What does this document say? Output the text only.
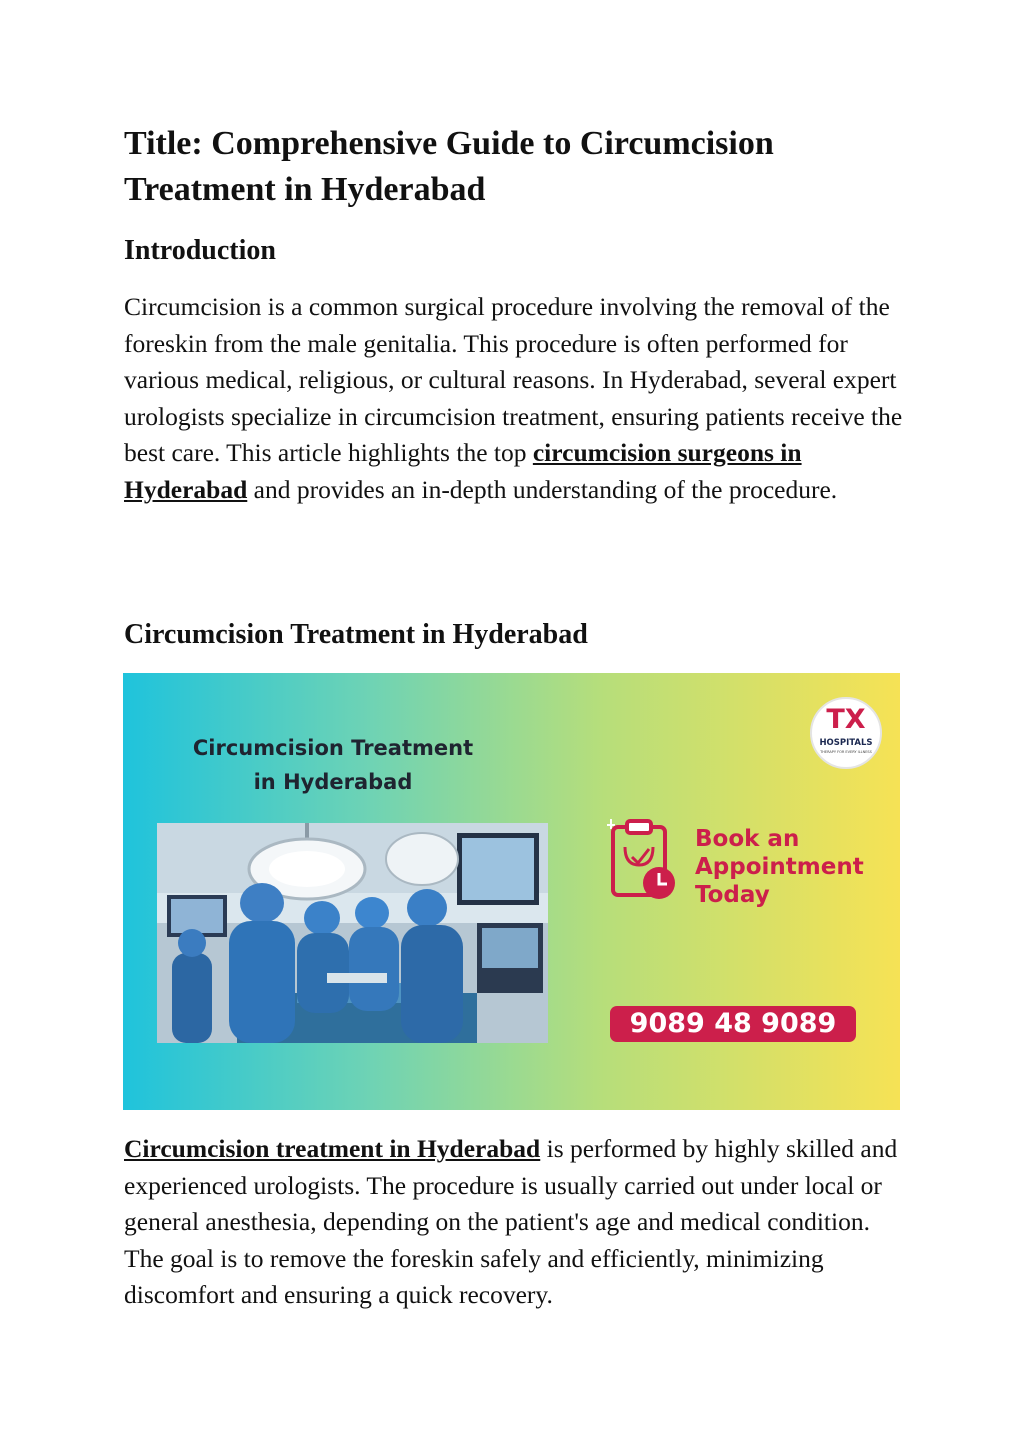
Title: Comprehensive Guide to Circumcision Treatment in Hyderabad
Introduction

Circumcision is a common surgical procedure involving the removal of the foreskin from the male genitalia. This procedure is often performed for various medical, religious, or cultural reasons. In Hyderabad, several expert urologists specialize in circumcision treatment, ensuring patients receive the best care. This article highlights the top circumcision surgeons in Hyderabad and provides an in-depth understanding of the procedure.

Circumcision Treatment in Hyderabad
Circumcision Treatment
in Hyderabad
TX
HOSPITALS
THERAPY FOR EVERY ILLNESS
Book an
Appointment
Today
9089 48 9089

Circumcision treatment in Hyderabad is performed by highly skilled and experienced urologists. The procedure is usually carried out under local or general anesthesia, depending on the patient's age and medical condition. The goal is to remove the foreskin safely and efficiently, minimizing discomfort and ensuring a quick recovery.
